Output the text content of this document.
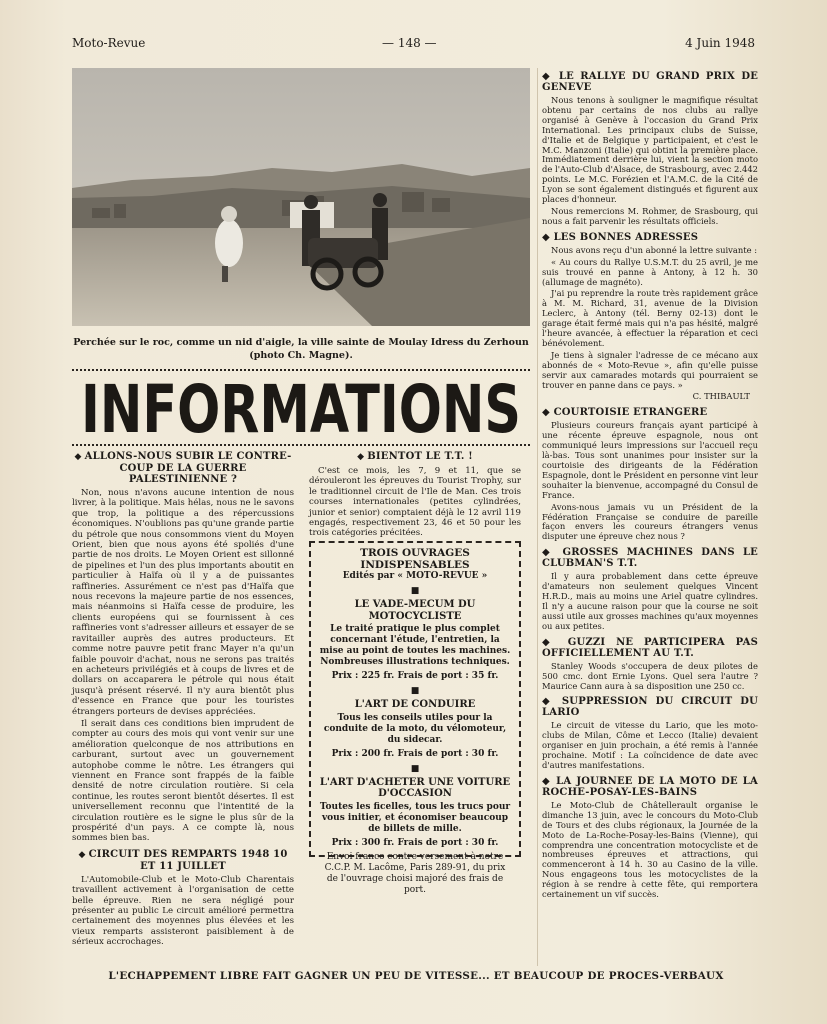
Moto-Revue	— 148 —	4 Juin 1948
Perchée sur le roc, comme un nid d'aigle, la ville sainte de Moulay Idress du Zerhoun (photo Ch. Magne).
INFORMATIONS
◆ ALLONS-NOUS SUBIR LE CONTRE-COUP DE LA GUERRE PALESTINIENNE ?

Non, nous n'avons aucune intention de nous livrer, à la politique. Mais hélas, nous ne le savons que trop, la politique a des répercussions économiques. N'oublions pas qu'une grande partie du pétrole que nous consommons vient du Moyen Orient, bien que nous ayons été spoliés d'une partie de nos droits. Le Moyen Orient est sillonné de pipelines et l'un des plus importants aboutit en particulier à Haïfa où il y a de puissantes raffineries. Assurément ce n'est pas d'Haïfa que nous recevons la majeure partie de nos essences, mais néanmoins si Haïfa cesse de produire, les clients européens qui se fournissent à ces raffineries vont s'adresser ailleurs et essayer de se ravitailler auprès des autres producteurs. Et comme notre pauvre petit franc Mayer n'a qu'un faible pouvoir d'achat, nous ne serons pas traités en acheteurs privilégiés et à coups de livres et de dollars on accaparera le pétrole qui nous était jusqu'à présent réservé. Il n'y aura bientôt plus d'essence en France que pour les touristes étrangers porteurs de devises appréciées.

Il serait dans ces conditions bien imprudent de compter au cours des mois qui vont venir sur une amélioration quelconque de nos attributions en carburant, surtout avec un gouvernement autophobe comme le nôtre. Les étrangers qui viennent en France sont frappés de la faible densité de notre circulation routière. Si cela continue, les routes seront bientôt désertes. Il est universellement reconnu que l'intentité de la circulation routière es le signe le plus sûr de la prospérité d'un pays. A ce compte là, nous sommes bien bas.

◆ CIRCUIT DES REMPARTS 1948 10 ET 11 JUILLET

L'Automobile-Club et le Moto-Club Charentais travaillent activement à l'organisation de cette belle épreuve. Rien ne sera négligé pour présenter au public Le circuit amélioré permettra certainement des moyennes plus élevées et les vieux remparts assisteront paisiblement à de sérieux accrochages.

◆ BIENTOT LE T.T. !

C'est ce mois, les 7, 9 et 11, que se dérouleront les épreuves du Tourist Trophy, sur le traditionnel circuit de l'Ile de Man. Ces trois courses internationales (petites cylindrées, junior et senior) comptaient déjà le 12 avril 119 engagés, respectivement 23, 46 et 50 pour les trois catégories précitées.

TROIS OUVRAGES INDISPENSABLES
Edités par « MOTO-REVUE »
■
LE VADE-MECUM DU MOTOCYCLISTE
Le traité pratique le plus complet concernant l'étude, l'entretien, la mise au point de toutes les machines. Nombreuses illustrations techniques.
Prix : 225 fr. Frais de port : 35 fr.
■
L'ART DE CONDUIRE
Tous les conseils utiles pour la conduite de la moto, du vélomoteur, du sidecar.
Prix : 200 fr. Frais de port : 30 fr.
■
L'ART D'ACHETER UNE VOITURE D'OCCASION
Toutes les ficelles, tous les trucs pour vous initier, et économiser beaucoup de billets de mille.
Prix : 300 fr. Frais de port : 30 fr.
Envoi franco contre versement à notre C.C.P. M. Lacôme, Paris 289-91, du prix de l'ouvrage choisi majoré des frais de port.
◆ LE RALLYE DU GRAND PRIX DE GENEVE

Nous tenons à souligner le magnifique résultat obtenu par certains de nos clubs au rallye organisé à Genève à l'occasion du Grand Prix International. Les principaux clubs de Suisse, d'Italie et de Belgique y participaient, et c'est le M.C. Manzoni (Italie) qui obtint la première place. Immédiatement derrière lui, vient la section moto de l'Auto-Club d'Alsace, de Strasbourg, avec 2.442 points. Le M.C. Forézien et l'A.M.C. de la Cité de Lyon se sont également distingués et figurent aux places d'honneur.

Nous remercions M. Rohmer, de Srasbourg, qui nous a fait parvenir les résultats officiels.

◆ LES BONNES ADRESSES

Nous avons reçu d'un abonné la lettre suivante :

« Au cours du Rallye U.S.M.T. du 25 avril, je me suis trouvé en panne à Antony, à 12 h. 30 (allumage de magnéto).

J'ai pu reprendre la route très rapidement grâce à M. M. Richard, 31, avenue de la Division Leclerc, à Antony (tél. Berny 02-13) dont le garage était fermé mais qui n'a pas hésité, malgré l'heure avancée, à effectuer la réparation et ceci bénévolement.

Je tiens à signaler l'adresse de ce mécano aux abonnés de « Moto-Revue », afin qu'elle puisse servir aux camarades motards qui pourraient se trouver en panne dans ce pays. »

C. THIBAULT
◆ COURTOISIE ETRANGERE

Plusieurs coureurs français ayant participé à une récente épreuve espagnole, nous ont communiqué leurs impressions sur l'accueil reçu là-bas. Tous sont unanimes pour insister sur la courtoisie des dirigeants de la Fédération Espagnole, dont le Président en personne vint leur souhaiter la bienvenue, accompagné du Consul de France.

Avons-nous jamais vu un Président de la Fédération Française se conduire de pareille façon envers les coureurs étrangers venus disputer une épreuve chez nous ?

◆ GROSSES MACHINES DANS LE CLUBMAN'S T.T.

Il y aura probablement dans cette épreuve d'amateurs non seulement quelques Vincent H.R.D., mais au moins une Ariel quatre cylindres. Il n'y a aucune raison pour que la course ne soit aussi utile aux grosses machines qu'aux moyennes ou aux petites.

◆ GUZZI NE PARTICIPERA PAS OFFICIELLEMENT AU T.T.

Stanley Woods s'occupera de deux pilotes de 500 cmc. dont Ernie Lyons. Quel sera l'autre ? Maurice Cann aura à sa disposition une 250 cc.

◆ SUPPRESSION DU CIRCUIT DU LARIO

Le circuit de vitesse du Lario, que les moto-clubs de Milan, Côme et Lecco (Italie) devaient organiser en juin prochain, a été remis à l'année prochaine. Motif : La coïncidence de date avec d'autres manifestations.

◆ LA JOURNEE DE LA MOTO DE LA ROCHE-POSAY-LES-BAINS

Le Moto-Club de Châtellerault organise le dimanche 13 juin, avec le concours du Moto-Club de Tours et des clubs régionaux, la Journée de la Moto de La-Roche-Posay-les-Bains (Vienne), qui comprendra une concentration motocycliste et de nombreuses épreuves et attractions, qui commenceront à 14 h. 30 au Casino de la ville. Nous engageons tous les motocyclistes de la région à se rendre à cette fête, qui remportera certainement un vif succès.

L'ECHAPPEMENT LIBRE FAIT GAGNER UN PEU DE VITESSE... ET BEAUCOUP DE PROCES-VERBAUX
